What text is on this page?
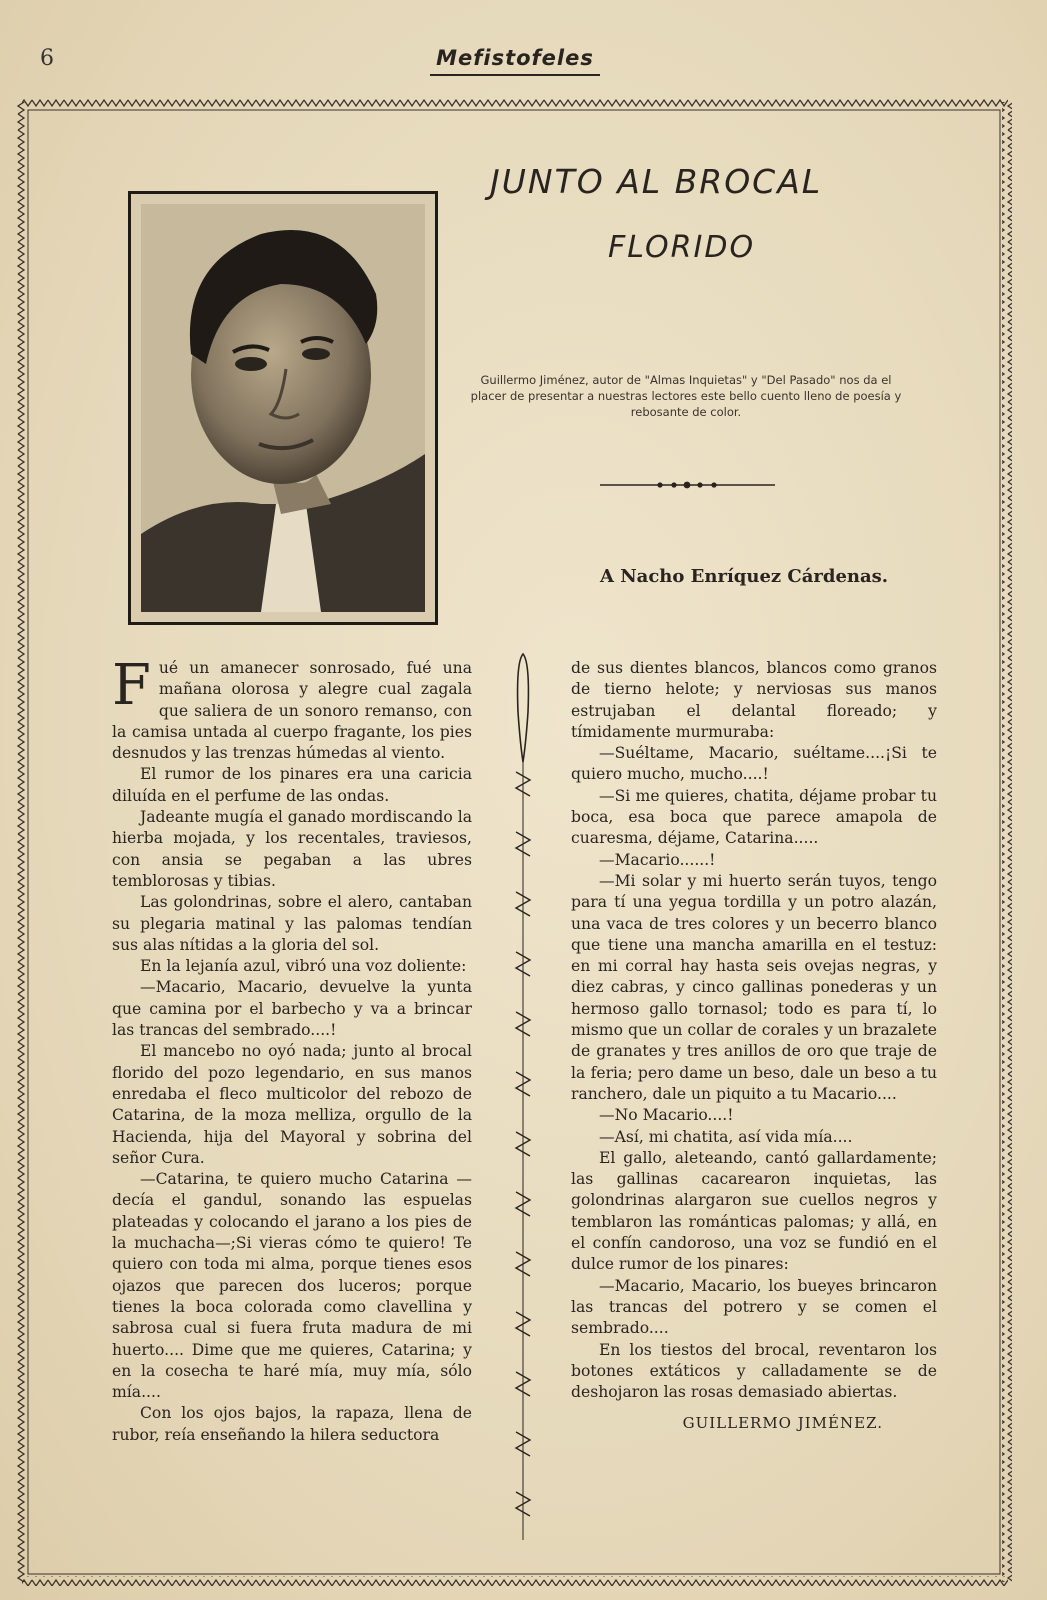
6	Mefistofeles
JUNTO AL BROCAL
FLORIDO
Guillermo Jiménez, autor de "Almas Inquietas" y "Del Pasado" nos da el placer de presentar a nuestras lectores este bello cuento lleno de poesía y rebosante de color.
A Nacho Enríquez Cárdenas.

Fué un amanecer sonrosado, fué una mañana olorosa y alegre cual zagala que saliera de un sonoro remanso, con la camisa untada al cuerpo fragante, los pies desnudos y las trenzas húmedas al viento.

El rumor de los pinares era una caricia diluída en el perfume de las ondas.

Jadeante mugía el ganado mordiscando la hierba mojada, y los recentales, traviesos, con ansia se pegaban a las ubres temblorosas y tibias.

Las golondrinas, sobre el alero, cantaban su plegaria matinal y las palomas tendían sus alas nítidas a la gloria del sol.

En la lejanía azul, vibró una voz doliente:

—Macario, Macario, devuelve la yunta que camina por el barbecho y va a brincar las trancas del sembrado....!

El mancebo no oyó nada; junto al brocal florido del pozo legendario, en sus manos enredaba el fleco multicolor del rebozo de Catarina, de la moza melliza, orgullo de la Hacienda, hija del Mayoral y sobrina del señor Cura.

—Catarina, te quiero mucho Catarina —decía el gandul, sonando las espuelas plateadas y colocando el jarano a los pies de la muchacha—;Si vieras cómo te quiero! Te quiero con toda mi alma, porque tienes esos ojazos que parecen dos luceros; porque tienes la boca colorada como clavellina y sabrosa cual si fuera fruta madura de mi huerto.... Dime que me quieres, Catarina; y en la cosecha te haré mía, muy mía, sólo mía....

Con los ojos bajos, la rapaza, llena de rubor, reía enseñando la hilera seductora

de sus dientes blancos, blancos como granos de tierno helote; y nerviosas sus manos estrujaban el delantal floreado; y tímidamente murmuraba:

—Suéltame, Macario, suéltame....¡Si te quiero mucho, mucho....!

—Si me quieres, chatita, déjame probar tu boca, esa boca que parece amapola de cuaresma, déjame, Catarina.....

—Macario......!

—Mi solar y mi huerto serán tuyos, tengo para tí una yegua tordilla y un potro alazán, una vaca de tres colores y un becerro blanco que tiene una mancha amarilla en el testuz: en mi corral hay hasta seis ovejas negras, y diez cabras, y cinco gallinas ponederas y un hermoso gallo tornasol; todo es para tí, lo mismo que un collar de corales y un brazalete de granates y tres anillos de oro que traje de la feria; pero dame un beso, dale un beso a tu ranchero, dale un piquito a tu Macario....

—No Macario....!

—Así, mi chatita, así vida mía....

El gallo, aleteando, cantó gallardamente; las gallinas cacarearon inquietas, las golondrinas alargaron sue cuellos negros y temblaron las románticas palomas; y allá, en el confín candoroso, una voz se fundió en el dulce rumor de los pinares:

—Macario, Macario, los bueyes brincaron las trancas del potrero y se comen el sembrado....

En los tiestos del brocal, reventaron los botones extáticos y calladamente se de deshojaron las rosas demasiado abiertas.

GUILLERMO JIMÉNEZ.
